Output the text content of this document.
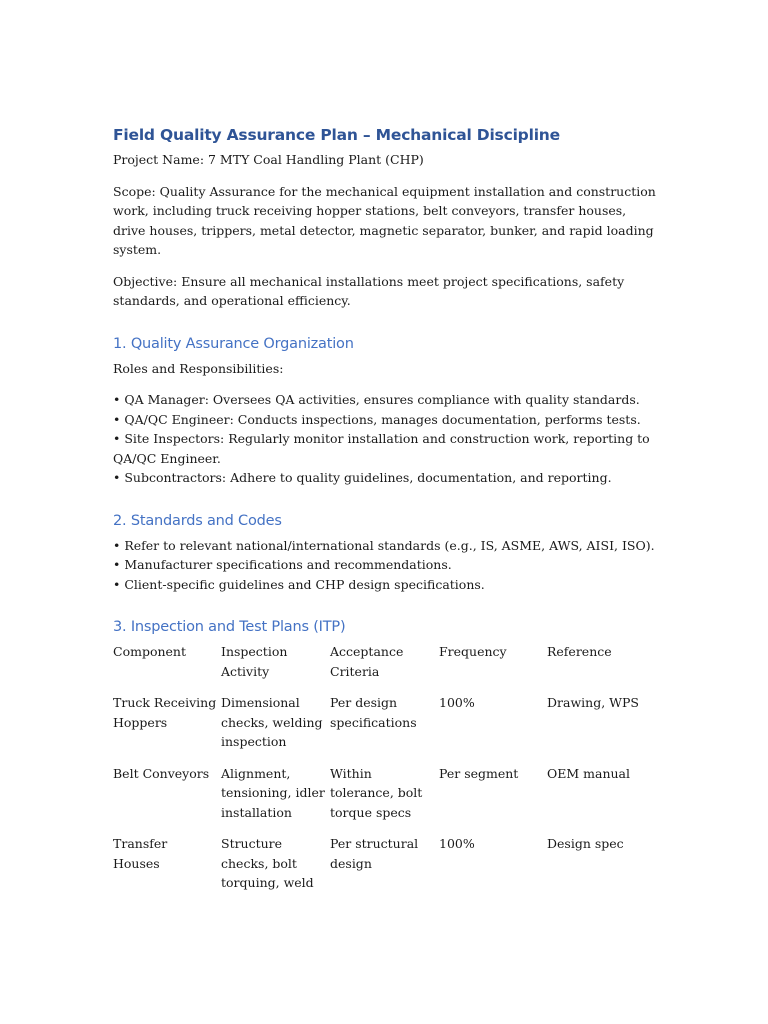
Field Quality Assurance Plan – Mechanical Discipline

Project Name: 7 MTY Coal Handling Plant (CHP)

Scope: Quality Assurance for the mechanical equipment installation and construction work, including truck receiving hopper stations, belt conveyors, transfer houses, drive houses, trippers, metal detector, magnetic separator, bunker, and rapid loading system.

Objective: Ensure all mechanical installations meet project specifications, safety standards, and operational efficiency.

1. Quality Assurance Organization

Roles and Responsibilities:

• QA Manager: Oversees QA activities, ensures compliance with quality standards.
• QA/QC Engineer: Conducts inspections, manages documentation, performs tests.
• Site Inspectors: Regularly monitor installation and construction work, reporting to QA/QC Engineer.
• Subcontractors: Adhere to quality guidelines, documentation, and reporting.
2. Standards and Codes
• Refer to relevant national/international standards (e.g., IS, ASME, AWS, AISI, ISO).
• Manufacturer specifications and recommendations.
• Client-specific guidelines and CHP design specifications.
3. Inspection and Test Plans (ITP)
Component	Inspection Activity	Acceptance Criteria	Frequency	Reference
Truck Receiving Hoppers	Dimensional checks, welding inspection	Per design specifications	100%	Drawing, WPS
Belt Conveyors	Alignment, tensioning, idler installation	Within tolerance, bolt torque specs	Per segment	OEM manual
Transfer Houses	Structure checks, bolt torquing, weld	Per structural design	100%	Design spec
